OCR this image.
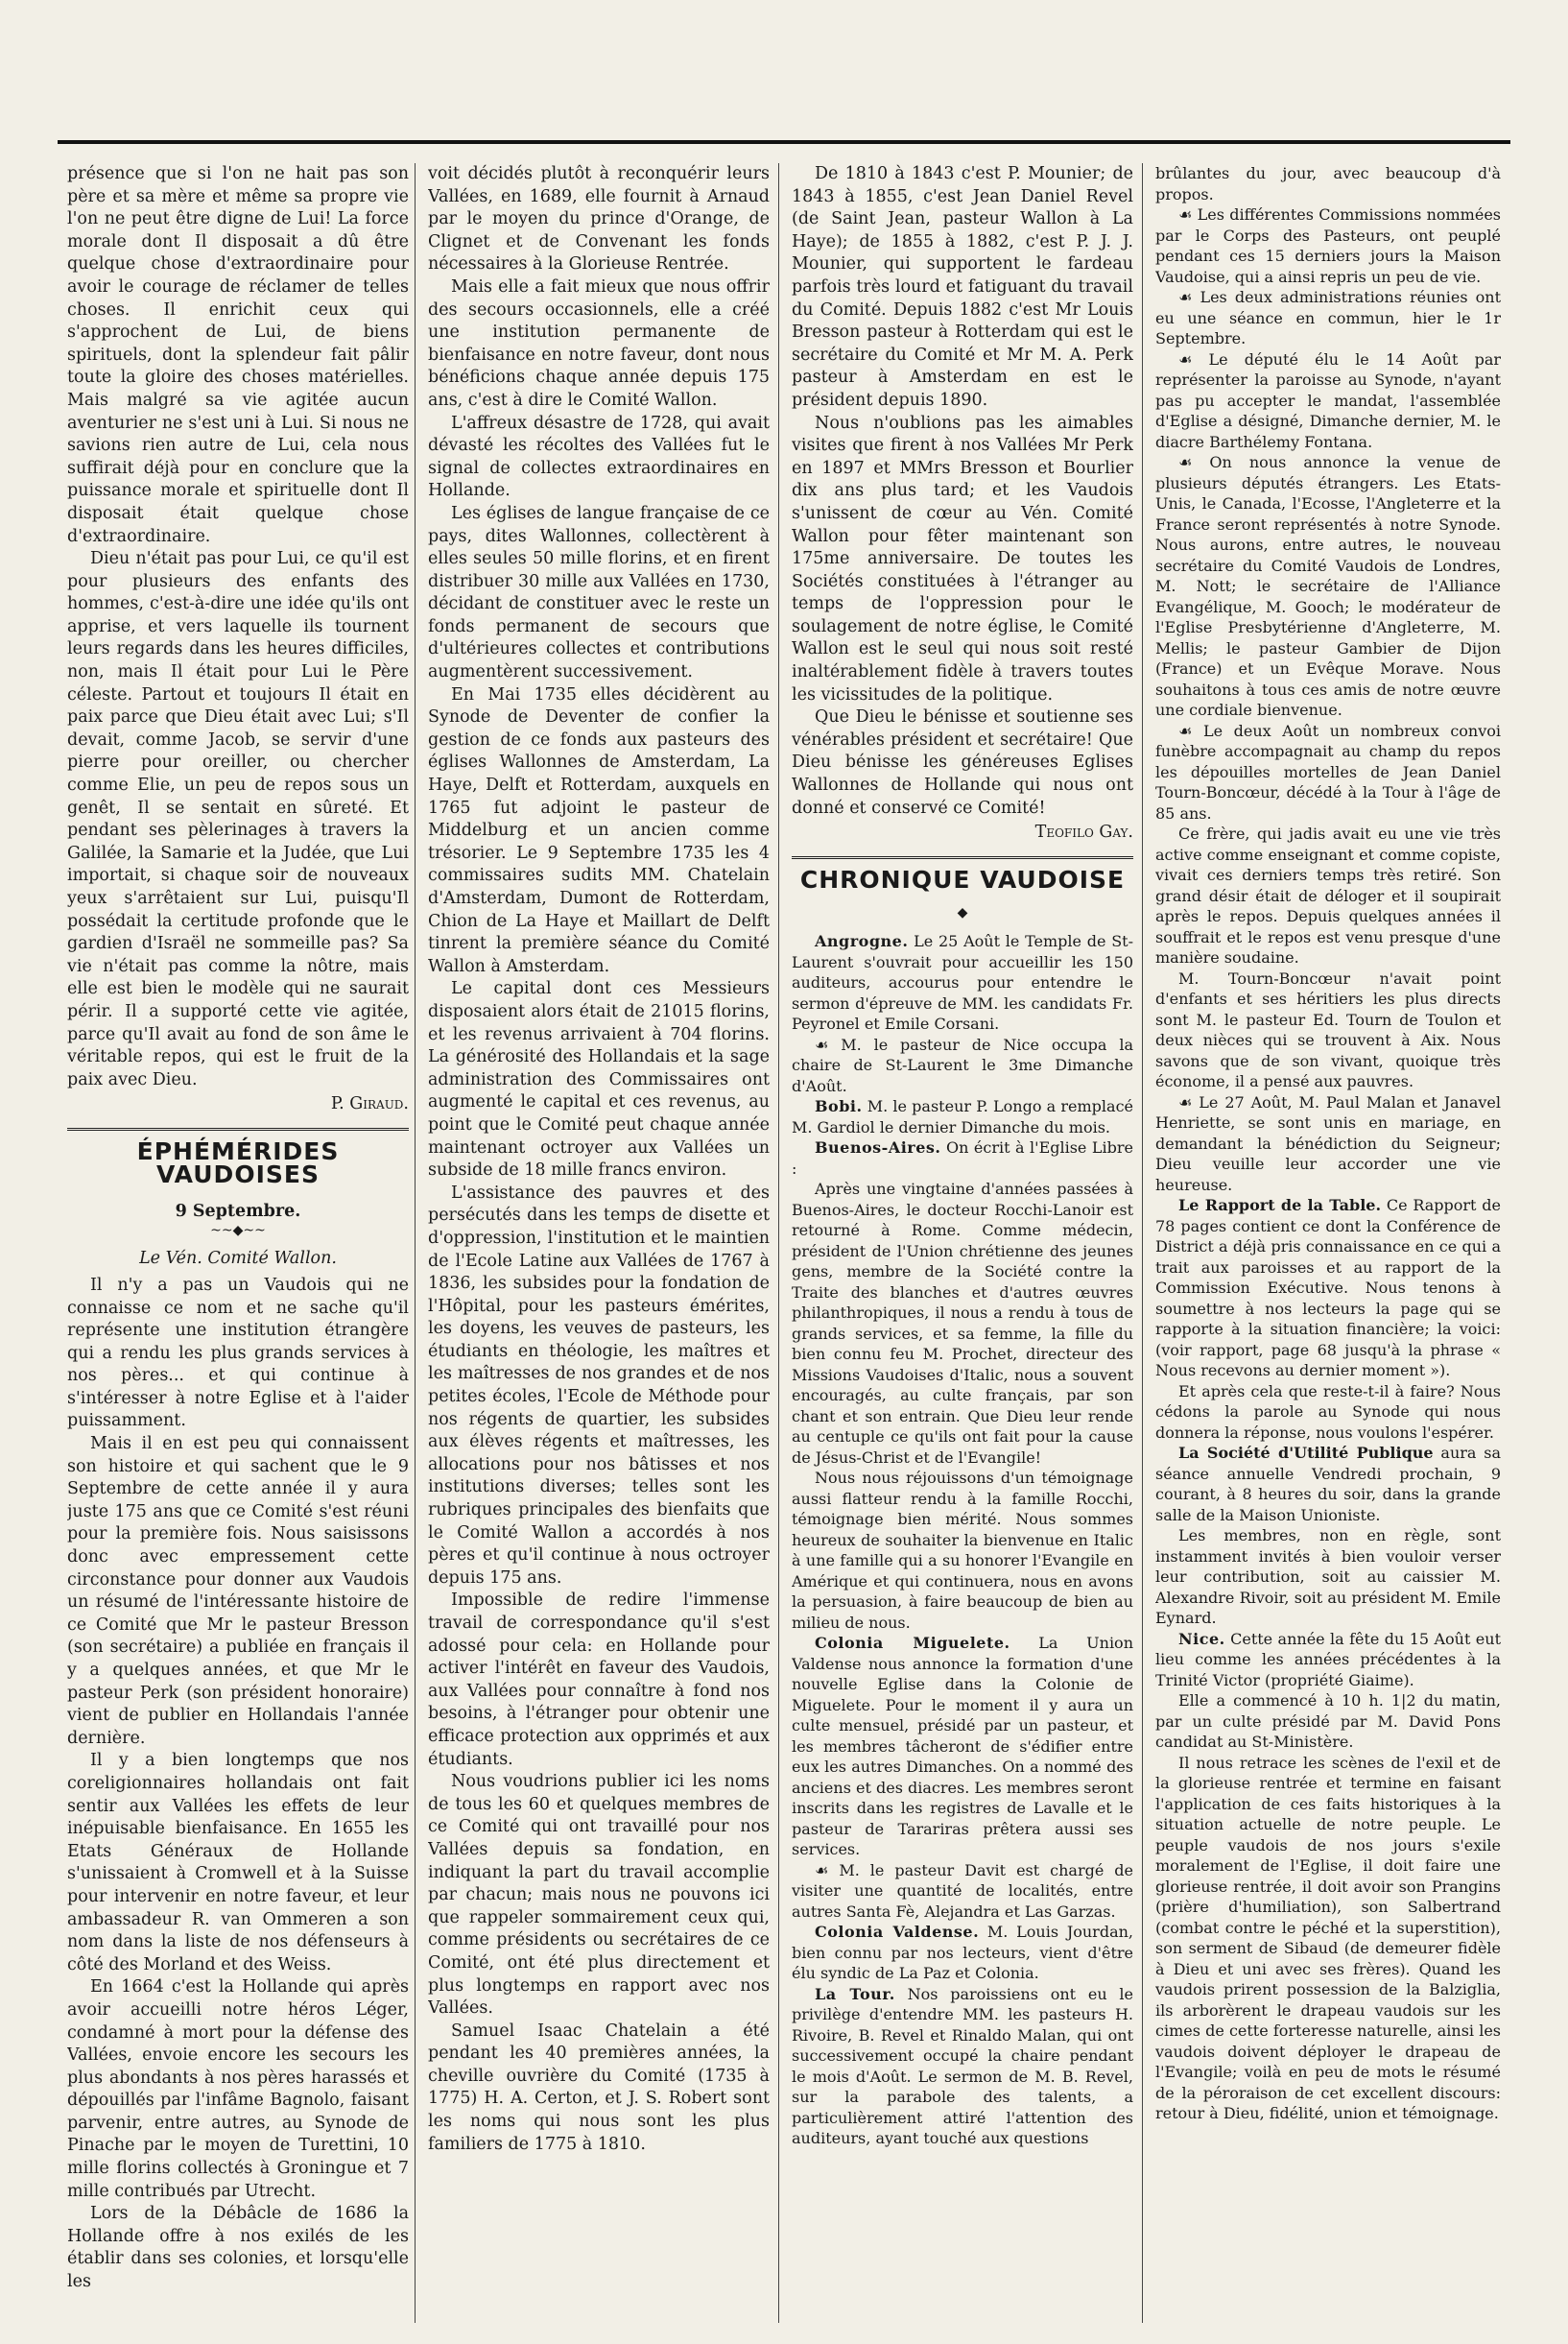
présence que si l'on ne hait pas son père et sa mère et même sa propre vie l'on ne peut être digne de Lui! La force morale dont Il disposait a dû être quelque chose d'extraordinaire pour avoir le courage de réclamer de telles choses. Il enrichit ceux qui s'approchent de Lui, de biens spirituels, dont la splendeur fait pâlir toute la gloire des choses matérielles. Mais malgré sa vie agitée aucun aventurier ne s'est uni à Lui. Si nous ne savions rien autre de Lui, cela nous suffirait déjà pour en conclure que la puissance morale et spirituelle dont Il disposait était quelque chose d'extraordinaire.

Dieu n'était pas pour Lui, ce qu'il est pour plusieurs des enfants des hommes, c'est-à-dire une idée qu'ils ont apprise, et vers laquelle ils tournent leurs regards dans les heures difficiles, non, mais Il était pour Lui le Père céleste. Partout et toujours Il était en paix parce que Dieu était avec Lui; s'Il devait, comme Jacob, se servir d'une pierre pour oreiller, ou chercher comme Elie, un peu de repos sous un genêt, Il se sentait en sûreté. Et pendant ses pèlerinages à travers la Galilée, la Samarie et la Judée, que Lui importait, si chaque soir de nouveaux yeux s'arrêtaient sur Lui, puisqu'Il possédait la certitude profonde que le gardien d'Israël ne sommeille pas? Sa vie n'était pas comme la nôtre, mais elle est bien le modèle qui ne saurait périr. Il a supporté cette vie agitée, parce qu'Il avait au fond de son âme le véritable repos, qui est le fruit de la paix avec Dieu.

P. Giraud.
ÉPHÉMÉRIDES VAUDOISES
9 Septembre.
~~◆~~
Le Vén. Comité Wallon.

Il n'y a pas un Vaudois qui ne connaisse ce nom et ne sache qu'il représente une institution étrangère qui a rendu les plus grands services à nos pères... et qui continue à s'intéresser à notre Eglise et à l'aider puissamment.

Mais il en est peu qui connaissent son histoire et qui sachent que le 9 Septembre de cette année il y aura juste 175 ans que ce Comité s'est réuni pour la première fois. Nous saisissons donc avec empressement cette circonstance pour donner aux Vaudois un résumé de l'intéressante histoire de ce Comité que Mr le pasteur Bresson (son secrétaire) a publiée en français il y a quelques années, et que Mr le pasteur Perk (son président honoraire) vient de publier en Hollandais l'année dernière.

Il y a bien longtemps que nos coreligionnaires hollandais ont fait sentir aux Vallées les effets de leur inépuisable bienfaisance. En 1655 les Etats Généraux de Hollande s'unissaient à Cromwell et à la Suisse pour intervenir en notre faveur, et leur ambassadeur R. van Ommeren a son nom dans la liste de nos défenseurs à côté des Morland et des Weiss.

En 1664 c'est la Hollande qui après avoir accueilli notre héros Léger, condamné à mort pour la défense des Vallées, envoie encore les secours les plus abondants à nos pères harassés et dépouillés par l'infâme Bagnolo, faisant parvenir, entre autres, au Synode de Pinache par le moyen de Turettini, 10 mille florins collectés à Groningue et 7 mille contribués par Utrecht.

Lors de la Débâcle de 1686 la Hollande offre à nos exilés de les établir dans ses colonies, et lorsqu'elle les

voit décidés plutôt à reconquérir leurs Vallées, en 1689, elle fournit à Arnaud par le moyen du prince d'Orange, de Clignet et de Convenant les fonds nécessaires à la Glorieuse Rentrée.

Mais elle a fait mieux que nous offrir des secours occasionnels, elle a créé une institution permanente de bienfaisance en notre faveur, dont nous bénéficions chaque année depuis 175 ans, c'est à dire le Comité Wallon.

L'affreux désastre de 1728, qui avait dévasté les récoltes des Vallées fut le signal de collectes extraordinaires en Hollande.

Les églises de langue française de ce pays, dites Wallonnes, collectèrent à elles seules 50 mille florins, et en firent distribuer 30 mille aux Vallées en 1730, décidant de constituer avec le reste un fonds permanent de secours que d'ultérieures collectes et contributions augmentèrent successivement.

En Mai 1735 elles décidèrent au Synode de Deventer de confier la gestion de ce fonds aux pasteurs des églises Wallonnes de Amsterdam, La Haye, Delft et Rotterdam, auxquels en 1765 fut adjoint le pasteur de Middelburg et un ancien comme trésorier. Le 9 Septembre 1735 les 4 commissaires sudits MM. Chatelain d'Amsterdam, Dumont de Rotterdam, Chion de La Haye et Maillart de Delft tinrent la première séance du Comité Wallon à Amsterdam.

Le capital dont ces Messieurs disposaient alors était de 21015 florins, et les revenus arrivaient à 704 florins. La générosité des Hollandais et la sage administration des Commissaires ont augmenté le capital et ces revenus, au point que le Comité peut chaque année maintenant octroyer aux Vallées un subside de 18 mille francs environ.

L'assistance des pauvres et des persécutés dans les temps de disette et d'oppression, l'institution et le maintien de l'Ecole Latine aux Vallées de 1767 à 1836, les subsides pour la fondation de l'Hôpital, pour les pasteurs émérites, les doyens, les veuves de pasteurs, les étudiants en théologie, les maîtres et les maîtresses de nos grandes et de nos petites écoles, l'Ecole de Méthode pour nos régents de quartier, les subsides aux élèves régents et maîtresses, les allocations pour nos bâtisses et nos institutions diverses; telles sont les rubriques principales des bienfaits que le Comité Wallon a accordés à nos pères et qu'il continue à nous octroyer depuis 175 ans.

Impossible de redire l'immense travail de correspondance qu'il s'est adossé pour cela: en Hollande pour activer l'intérêt en faveur des Vaudois, aux Vallées pour connaître à fond nos besoins, à l'étranger pour obtenir une efficace protection aux opprimés et aux étudiants.

Nous voudrions publier ici les noms de tous les 60 et quelques membres de ce Comité qui ont travaillé pour nos Vallées depuis sa fondation, en indiquant la part du travail accomplie par chacun; mais nous ne pouvons ici que rappeler sommairement ceux qui, comme présidents ou secrétaires de ce Comité, ont été plus directement et plus longtemps en rapport avec nos Vallées.

Samuel Isaac Chatelain a été pendant les 40 premières années, la cheville ouvrière du Comité (1735 à 1775) H. A. Certon, et J. S. Robert sont les noms qui nous sont les plus familiers de 1775 à 1810.

De 1810 à 1843 c'est P. Mounier; de 1843 à 1855, c'est Jean Daniel Revel (de Saint Jean, pasteur Wallon à La Haye); de 1855 à 1882, c'est P. J. J. Mounier, qui supportent le fardeau parfois très lourd et fatiguant du travail du Comité. Depuis 1882 c'est Mr Louis Bresson pasteur à Rotterdam qui est le secrétaire du Comité et Mr M. A. Perk pasteur à Amsterdam en est le président depuis 1890.

Nous n'oublions pas les aimables visites que firent à nos Vallées Mr Perk en 1897 et MMrs Bresson et Bourlier dix ans plus tard; et les Vaudois s'unissent de cœur au Vén. Comité Wallon pour fêter maintenant son 175me anniversaire. De toutes les Sociétés constituées à l'étranger au temps de l'oppression pour le soulagement de notre église, le Comité Wallon est le seul qui nous soit resté inaltérablement fidèle à travers toutes les vicissitudes de la politique.

Que Dieu le bénisse et soutienne ses vénérables président et secrétaire! Que Dieu bénisse les généreuses Eglises Wallonnes de Hollande qui nous ont donné et conservé ce Comité!

Teofilo Gay.
CHRONIQUE VAUDOISE
◆

Angrogne. Le 25 Août le Temple de St-Laurent s'ouvrait pour accueillir les 150 auditeurs, accourus pour entendre le sermon d'épreuve de MM. les candidats Fr. Peyronel et Emile Corsani.

☙ M. le pasteur de Nice occupa la chaire de St-Laurent le 3me Dimanche d'Août.

Bobi. M. le pasteur P. Longo a remplacé M. Gardiol le dernier Dimanche du mois.

Buenos-Aires. On écrit à l'Eglise Libre :

Après une vingtaine d'années passées à Buenos-Aires, le docteur Rocchi-Lanoir est retourné à Rome. Comme médecin, président de l'Union chrétienne des jeunes gens, membre de la Société contre la Traite des blanches et d'autres œuvres philanthropiques, il nous a rendu à tous de grands services, et sa femme, la fille du bien connu feu M. Prochet, directeur des Missions Vaudoises d'Italic, nous a souvent encouragés, au culte français, par son chant et son entrain. Que Dieu leur rende au centuple ce qu'ils ont fait pour la cause de Jésus-Christ et de l'Evangile!

Nous nous réjouissons d'un témoignage aussi flatteur rendu à la famille Rocchi, témoignage bien mérité. Nous sommes heureux de souhaiter la bienvenue en Italic à une famille qui a su honorer l'Evangile en Amérique et qui continuera, nous en avons la persuasion, à faire beaucoup de bien au milieu de nous.

Colonia Miguelete. La Union Valdense nous annonce la formation d'une nouvelle Eglise dans la Colonie de Miguelete. Pour le moment il y aura un culte mensuel, présidé par un pasteur, et les membres tâcheront de s'édifier entre eux les autres Dimanches. On a nommé des anciens et des diacres. Les membres seront inscrits dans les registres de Lavalle et le pasteur de Tarariras prêtera aussi ses services.

☙ M. le pasteur Davit est chargé de visiter une quantité de localités, entre autres Santa Fè, Alejandra et Las Garzas.

Colonia Valdense. M. Louis Jourdan, bien connu par nos lecteurs, vient d'être élu syndic de La Paz et Colonia.

La Tour. Nos paroissiens ont eu le privilège d'entendre MM. les pasteurs H. Rivoire, B. Revel et Rinaldo Malan, qui ont successivement occupé la chaire pendant le mois d'Août. Le sermon de M. B. Revel, sur la parabole des talents, a particulièrement attiré l'attention des auditeurs, ayant touché aux questions

brûlantes du jour, avec beaucoup d'à propos.

☙ Les différentes Commissions nommées par le Corps des Pasteurs, ont peuplé pendant ces 15 derniers jours la Maison Vaudoise, qui a ainsi repris un peu de vie.

☙ Les deux administrations réunies ont eu une séance en commun, hier le 1r Septembre.

☙ Le député élu le 14 Août par représenter la paroisse au Synode, n'ayant pas pu accepter le mandat, l'assemblée d'Eglise a désigné, Dimanche dernier, M. le diacre Barthélemy Fontana.

☙ On nous annonce la venue de plusieurs députés étrangers. Les Etats-Unis, le Canada, l'Ecosse, l'Angleterre et la France seront représentés à notre Synode. Nous aurons, entre autres, le nouveau secrétaire du Comité Vaudois de Londres, M. Nott; le secrétaire de l'Alliance Evangélique, M. Gooch; le modérateur de l'Eglise Presbytérienne d'Angleterre, M. Mellis; le pasteur Gambier de Dijon (France) et un Evêque Morave. Nous souhaitons à tous ces amis de notre œuvre une cordiale bienvenue.

☙ Le deux Août un nombreux convoi funèbre accompagnait au champ du repos les dépouilles mortelles de Jean Daniel Tourn-Boncœur, décédé à la Tour à l'âge de 85 ans.

Ce frère, qui jadis avait eu une vie très active comme enseignant et comme copiste, vivait ces derniers temps très retiré. Son grand désir était de déloger et il soupirait après le repos. Depuis quelques années il souffrait et le repos est venu presque d'une manière soudaine.

M. Tourn-Boncœur n'avait point d'enfants et ses héritiers les plus directs sont M. le pasteur Ed. Tourn de Toulon et deux nièces qui se trouvent à Aix. Nous savons que de son vivant, quoique très économe, il a pensé aux pauvres.

☙ Le 27 Août, M. Paul Malan et Janavel Henriette, se sont unis en mariage, en demandant la bénédiction du Seigneur; Dieu veuille leur accorder une vie heureuse.

Le Rapport de la Table. Ce Rapport de 78 pages contient ce dont la Conférence de District a déjà pris connaissance en ce qui a trait aux paroisses et au rapport de la Commission Exécutive. Nous tenons à soumettre à nos lecteurs la page qui se rapporte à la situation financière; la voici: (voir rapport, page 68 jusqu'à la phrase « Nous recevons au dernier moment »).

Et après cela que reste-t-il à faire? Nous cédons la parole au Synode qui nous donnera la réponse, nous voulons l'espérer.

La Société d'Utilité Publique aura sa séance annuelle Vendredi prochain, 9 courant, à 8 heures du soir, dans la grande salle de la Maison Unioniste.

Les membres, non en règle, sont instamment invités à bien vouloir verser leur contribution, soit au caissier M. Alexandre Rivoir, soit au président M. Emile Eynard.

Nice. Cette année la fête du 15 Août eut lieu comme les années précédentes à la Trinité Victor (propriété Giaime).

Elle a commencé à 10 h. 1|2 du matin, par un culte présidé par M. David Pons candidat au St-Ministère.

Il nous retrace les scènes de l'exil et de la glorieuse rentrée et termine en faisant l'application de ces faits historiques à la situation actuelle de notre peuple. Le peuple vaudois de nos jours s'exile moralement de l'Eglise, il doit faire une glorieuse rentrée, il doit avoir son Prangins (prière d'humiliation), son Salbertrand (combat contre le péché et la superstition), son serment de Sibaud (de demeurer fidèle à Dieu et uni avec ses frères). Quand les vaudois prirent possession de la Balziglia, ils arborèrent le drapeau vaudois sur les cimes de cette forteresse naturelle, ainsi les vaudois doivent déployer le drapeau de l'Evangile; voilà en peu de mots le résumé de la péroraison de cet excellent discours: retour à Dieu, fidélité, union et témoignage.
